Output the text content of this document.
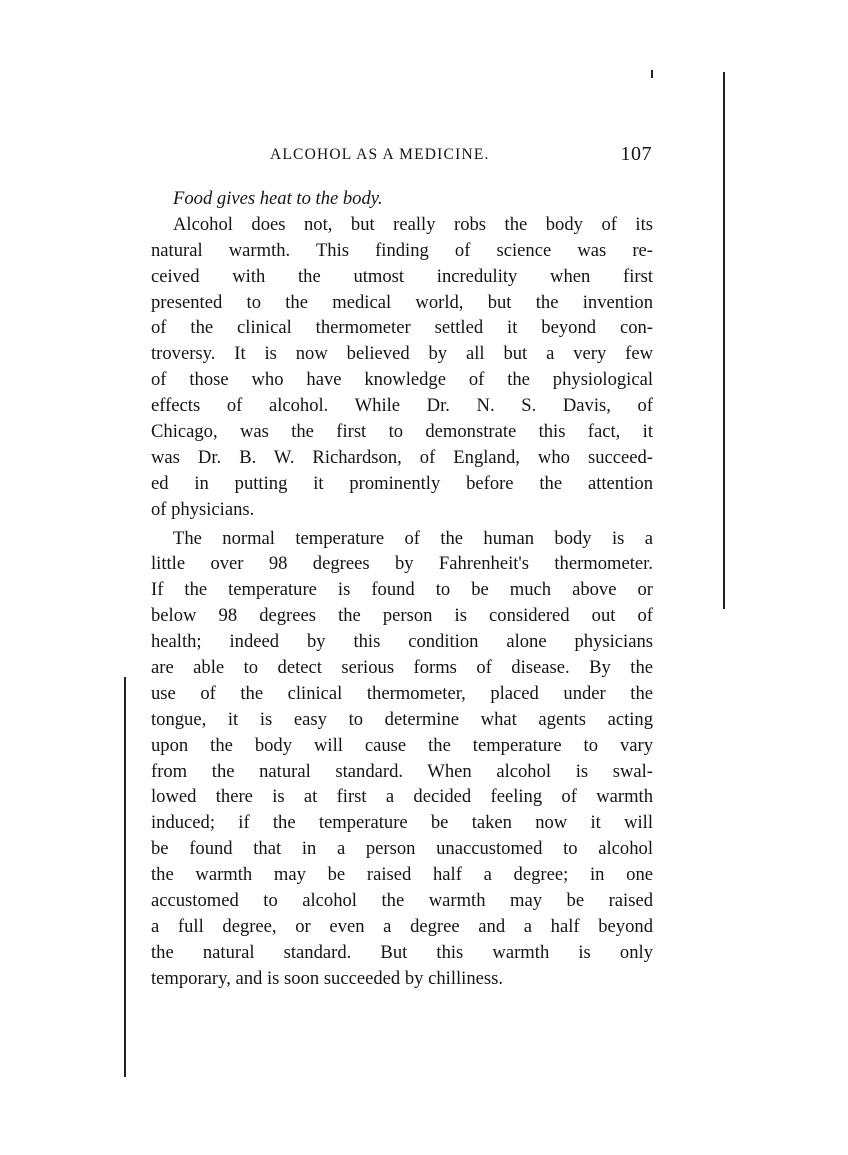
ALCOHOL AS A MEDICINE.	107
Food gives heat to the body.
Alcohol does not, but really robs the body of its
natural warmth. This finding of science was re-
ceived with the utmost incredulity when first
presented to the medical world, but the invention
of the clinical thermometer settled it beyond con-
troversy. It is now believed by all but a very few
of those who have knowledge of the physiological
effects of alcohol. While Dr. N. S. Davis, of
Chicago, was the first to demonstrate this fact, it
was Dr. B. W. Richardson, of England, who succeed-
ed in putting it prominently before the attention
of physicians.
The normal temperature of the human body is a
little over 98 degrees by Fahrenheit's thermometer.
If the temperature is found to be much above or
below 98 degrees the person is considered out of
health; indeed by this condition alone physicians
are able to detect serious forms of disease. By the
use of the clinical thermometer, placed under the
tongue, it is easy to determine what agents acting
upon the body will cause the temperature to vary
from the natural standard. When alcohol is swal-
lowed there is at first a decided feeling of warmth
induced; if the temperature be taken now it will
be found that in a person unaccustomed to alcohol
the warmth may be raised half a degree; in one
accustomed to alcohol the warmth may be raised
a full degree, or even a degree and a half beyond
the natural standard. But this warmth is only
temporary, and is soon succeeded by chilliness.
